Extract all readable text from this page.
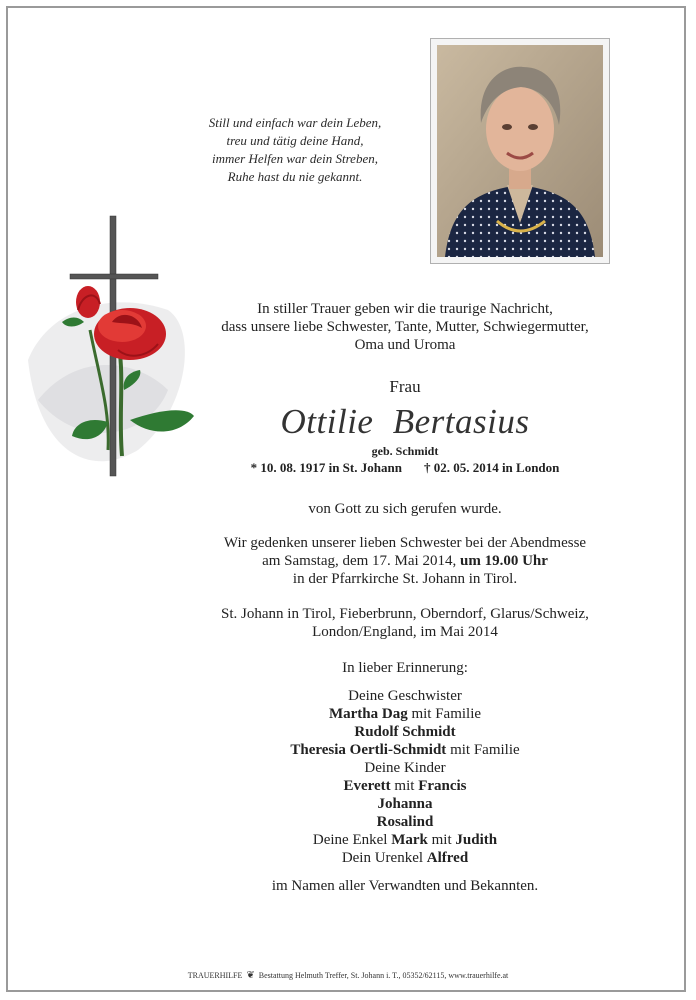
Still und einfach war dein Leben,
treu und tätig deine Hand,
immer Helfen war dein Streben,
Ruhe hast du nie gekannt.
In stiller Trauer geben wir die traurige Nachricht,
dass unsere liebe Schwester, Tante, Mutter, Schwiegermutter,
Oma und Uroma
Frau
Ottilie Bertasius
geb. Schmidt
* 10. 08. 1917 in St. Johann † 02. 05. 2014 in London
von Gott zu sich gerufen wurde.
Wir gedenken unserer lieben Schwester bei der Abendmesse
am Samstag, dem 17. Mai 2014, um 19.00 Uhr
in der Pfarrkirche St. Johann in Tirol.
St. Johann in Tirol, Fieberbrunn, Oberndorf, Glarus/Schweiz,
London/England, im Mai 2014
In lieber Erinnerung:
Deine Geschwister
Martha Dag mit Familie
Rudolf Schmidt
Theresia Oertli-Schmidt mit Familie
Deine Kinder
Everett mit Francis
Johanna
Rosalind
Deine Enkel Mark mit Judith
Dein Urenkel Alfred
im Namen aller Verwandten und Bekannten.
TRAUERHILFE ❦ Bestattung Helmuth Treffer, St. Johann i. T., 05352/62115, www.trauerhilfe.at
